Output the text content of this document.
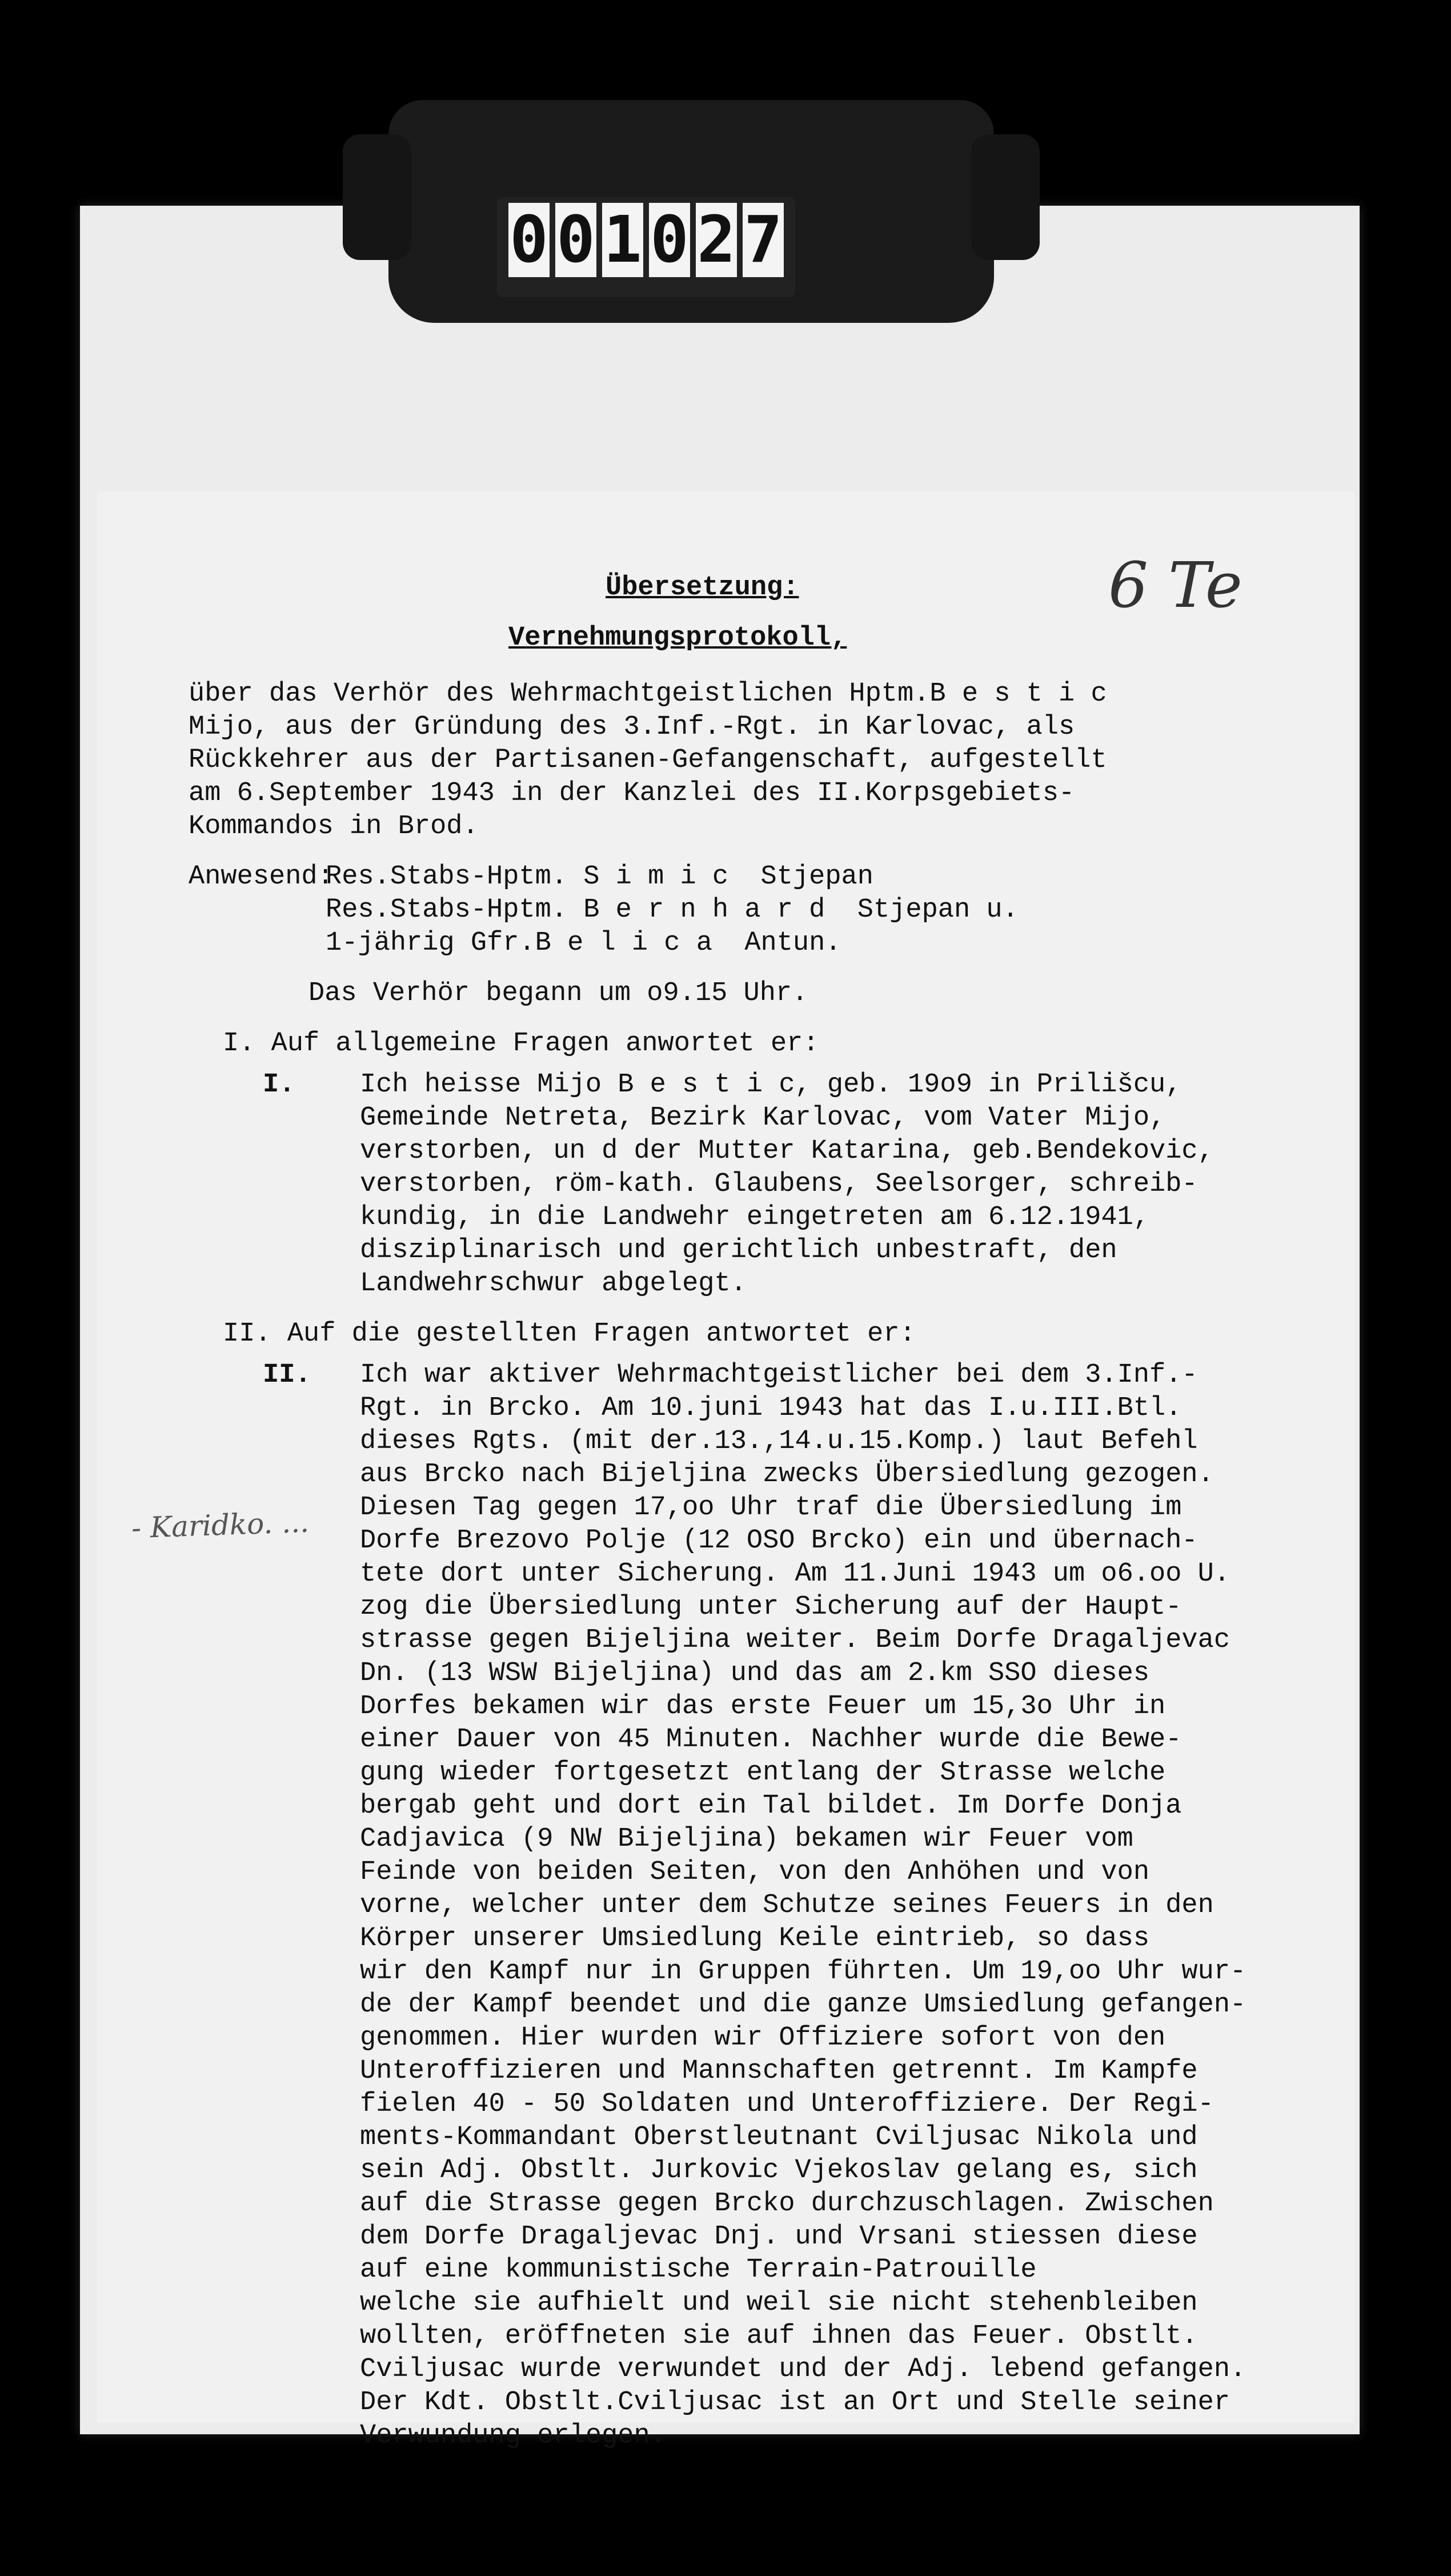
0 0 1 0 2 7
6 Te
- Karidko. ...
Übersetzung:
Vernehmungsprotokoll,
über das Verhör des Wehrmachtgeistlichen Hptm.B e s t i c
Mijo, aus der Gründung des 3.Inf.-Rgt. in Karlovac, als
Rückkehrer aus der Partisanen-Gefangenschaft, aufgestellt
am 6.September 1943 in der Kanzlei des II.Korpsgebiets-
Kommandos in Brod.
Anwesend:
Res.Stabs-Hptm. S i m i c  Stjepan
Res.Stabs-Hptm. B e r n h a r d  Stjepan u.
1-jährig Gfr.B e l i c a  Antun.
Das Verhör begann um o9.15 Uhr.
I. Auf allgemeine Fragen anwortet er:
I.	Ich heisse Mijo B e s t i c, geb. 19o9 in Prilišcu,
Gemeinde Netreta, Bezirk Karlovac, vom Vater Mijo,
verstorben, un d der Mutter Katarina, geb.Bendekovic,
verstorben, röm-kath. Glaubens, Seelsorger, schreib-
kundig, in die Landwehr eingetreten am 6.12.1941,
disziplinarisch und gerichtlich unbestraft, den
Landwehrschwur abgelegt.
II. Auf die gestellten Fragen antwortet er:
II.	Ich war aktiver Wehrmachtgeistlicher bei dem 3.Inf.-
Rgt. in Brcko. Am 10.juni 1943 hat das I.u.III.Btl.
dieses Rgts. (mit der.13.,14.u.15.Komp.) laut Befehl
aus Brcko nach Bijeljina zwecks Übersiedlung gezogen.
Diesen Tag gegen 17,oo Uhr traf die Übersiedlung im
Dorfe Brezovo Polje (12 OSO Brcko) ein und übernach-
tete dort unter Sicherung. Am 11.Juni 1943 um o6.oo U.
zog die Übersiedlung unter Sicherung auf der Haupt-
strasse gegen Bijeljina weiter. Beim Dorfe Dragaljevac
Dn. (13 WSW Bijeljina) und das am 2.km SSO dieses
Dorfes bekamen wir das erste Feuer um 15,3o Uhr in
einer Dauer von 45 Minuten. Nachher wurde die Bewe-
gung wieder fortgesetzt entlang der Strasse welche
bergab geht und dort ein Tal bildet. Im Dorfe Donja
Cadjavica (9 NW Bijeljina) bekamen wir Feuer vom
Feinde von beiden Seiten, von den Anhöhen und von
vorne, welcher unter dem Schutze seines Feuers in den
Körper unserer Umsiedlung Keile eintrieb, so dass
wir den Kampf nur in Gruppen führten. Um 19,oo Uhr wur-
de der Kampf beendet und die ganze Umsiedlung gefangen-
genommen. Hier wurden wir Offiziere sofort von den
Unteroffizieren und Mannschaften getrennt. Im Kampfe
fielen 40 - 50 Soldaten und Unteroffiziere. Der Regi-
ments-Kommandant Oberstleutnant Cviljusac Nikola und
sein Adj. Obstlt. Jurkovic Vjekoslav gelang es, sich
auf die Strasse gegen Brcko durchzuschlagen. Zwischen
dem Dorfe Dragaljevac Dnj. und Vrsani stiessen diese
auf eine kommunistische Terrain-Patrouille
welche sie aufhielt und weil sie nicht stehenbleiben
wollten, eröffneten sie auf ihnen das Feuer. Obstlt.
Cviljusac wurde verwundet und der Adj. lebend gefangen.
Der Kdt. Obstlt.Cviljusac ist an Ort und Stelle seiner
Verwundung erlegen.
